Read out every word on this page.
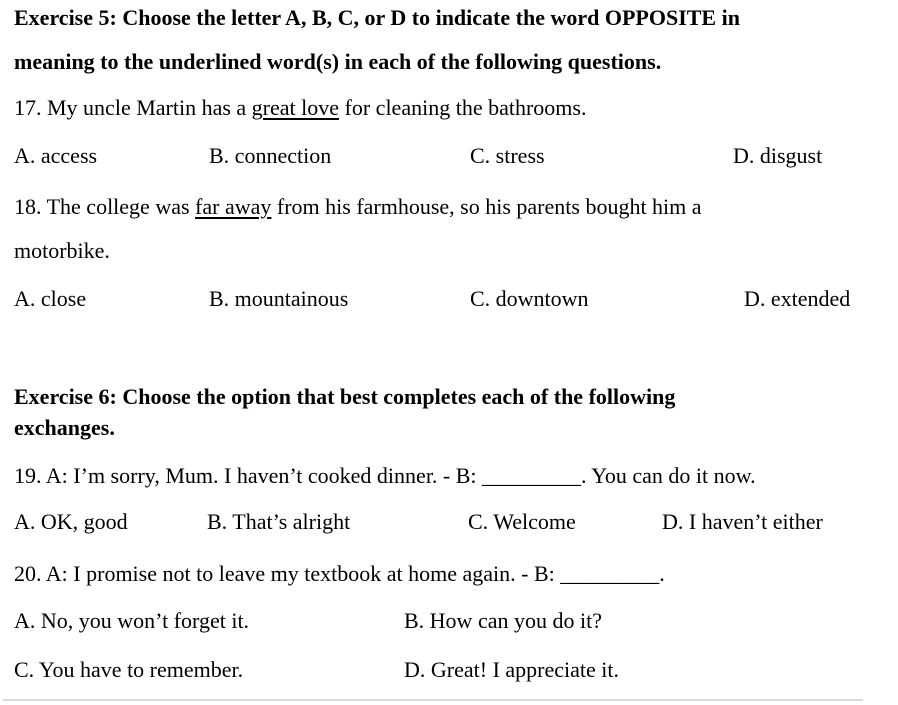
Exercise 5: Choose the letter A, B, C, or D to indicate the word OPPOSITE in
meaning to the underlined word(s) in each of the following questions.
17. My uncle Martin has a great love for cleaning the bathrooms.
A. access	B. connection	C. stress	D. disgust
18. The college was far away from his farmhouse, so his parents bought him a
motorbike.
A. close	B. mountainous	C. downtown	D. extended
Exercise 6: Choose the option that best completes each of the following
exchanges.
19. A: I’m sorry, Mum. I haven’t cooked dinner. - B: _________. You can do it now.
A. OK, good	B. That’s alright	C. Welcome	D. I haven’t either
20. A: I promise not to leave my textbook at home again. - B: _________.
A. No, you won’t forget it.	B. How can you do it?
C. You have to remember.	D. Great! I appreciate it.
